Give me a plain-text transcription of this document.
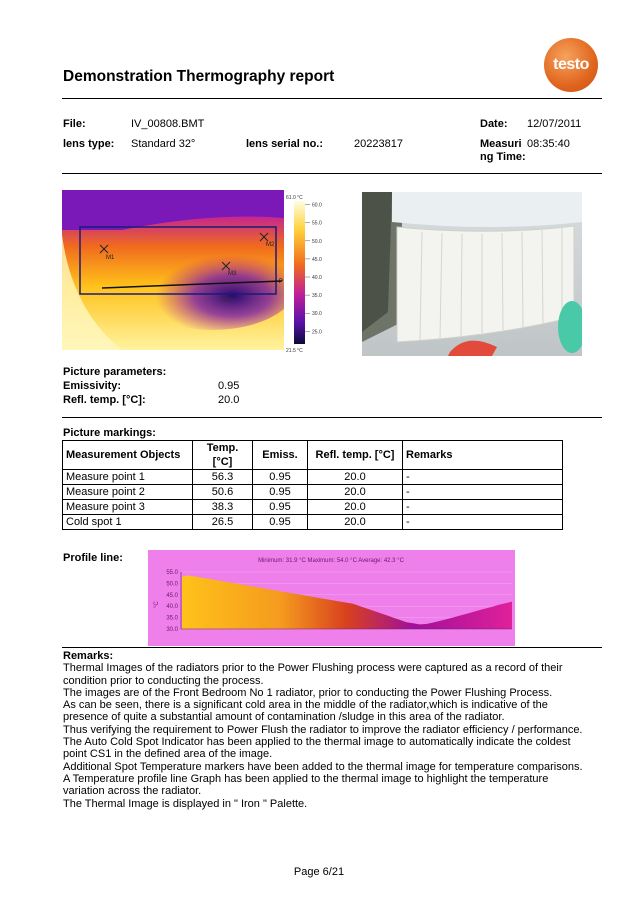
Demonstration Thermography report
testo
File:	IV_00808.BMT	Date: 12/07/2011
lens type: Standard 32°	lens serial no.:	20223817	Measuri
ng Time:
08:35:40
M1
M2
M3
CS1
P
61.0 °C
21.5 °C
60.0
55.0
50.0
45.0
40.0
35.0
30.0
25.0
Picture parameters:
Emissivity:	0.95
Refl. temp. [°C]:	20.0
Picture markings:
Measurement Objects	Temp. [°C]	Emiss.	Refl. temp. [°C]	Remarks
Measure point 1	56.3	0.95	20.0	-
Measure point 2	50.6	0.95	20.0	-
Measure point 3	38.3	0.95	20.0	-
Cold spot 1	26.5	0.95	20.0	-
Profile line:	Minimum: 31.9 °C Maximum: 54.0 °C Average: 42.3 °C
°C
55.0
50.0
45.0
40.0
35.0
30.0
Remarks:
Thermal Images of the radiators prior to the Power Flushing process were captured as a record of their
condition prior to conducting the process.
The images are of the Front Bedroom No 1 radiator, prior to conducting the Power Flushing Process.
As can be seen, there is a significant cold area in the middle of the radiator,which is indicative of the
presence of quite a substantial amount of contamination /sludge in this area of the radiator.
Thus verifying the requirement to Power Flush the radiator to improve the radiator efficiency / performance.
The Auto Cold Spot Indicator has been applied to the thermal image to automatically indicate the coldest
point CS1 in the defined area of the image.
Additional Spot Temperature markers have been added to the thermal image for temperature comparisons.
A Temperature profile line Graph has been applied to the thermal image to highlight the temperature
variation across the radiator.
The Thermal Image is displayed in " Iron " Palette.
Page 6/21
